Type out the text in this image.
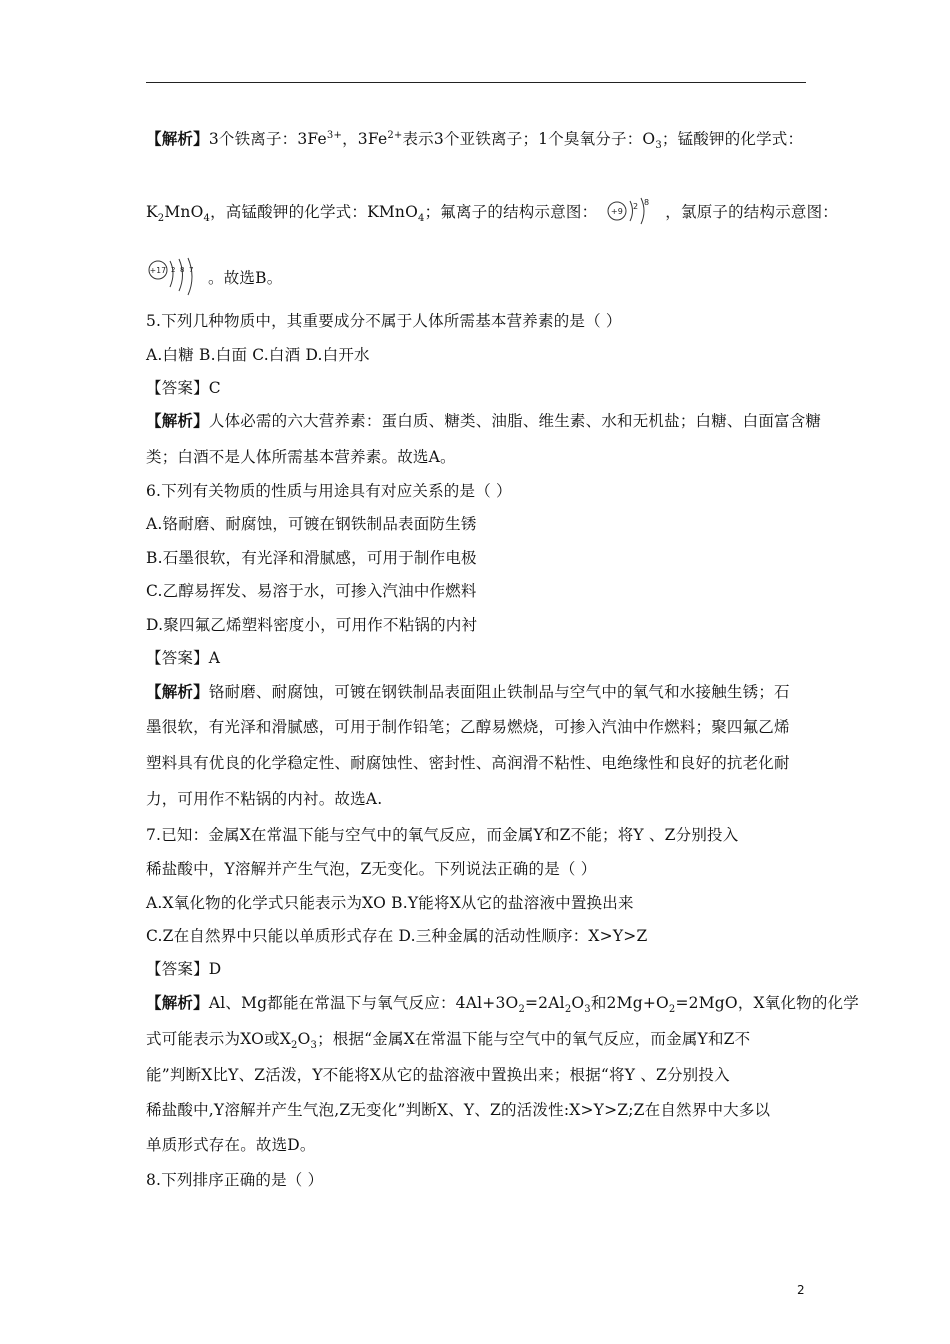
【解析】3个铁离子：$3Fe^{3+}$，$3Fe^{2+}$表示3个亚铁离子；1个臭氧分子：$O_3$；锰酸钾的化学式：
$K_2MnO_4$，高锰酸钾的化学式：KMnO$_4$；氟离子的结构示意图： +9
2 8
，氯原子的结构示意图：
+17 2 8 7 。故选B。
5.下列几种物质中，其重要成分不属于人体所需基本营养素的是（ ）
A.白糖 B.白面 C.白酒 D.白开水
【答案】C
【解析】人体必需的六大营养素：蛋白质、糖类、油脂、维生素、水和无机盐；白糖、白面富含糖
类；白酒不是人体所需基本营养素。故选A。
6.下列有关物质的性质与用途具有对应关系的是（ ）
A.铬耐磨、耐腐蚀，可镀在钢铁制品表面防生锈
B.石墨很软，有光泽和滑腻感，可用于制作电极
C.乙醇易挥发、易溶于水，可掺入汽油中作燃料
D.聚四氟乙烯塑料密度小，可用作不粘锅的内衬
【答案】A
【解析】铬耐磨、耐腐蚀，可镀在钢铁制品表面阻止铁制品与空气中的氧气和水接触生锈；石
墨很软，有光泽和滑腻感，可用于制作铅笔；乙醇易燃烧，可掺入汽油中作燃料；聚四氟乙烯
塑料具有优良的化学稳定性、耐腐蚀性、密封性、高润滑不粘性、电绝缘性和良好的抗老化耐
力，可用作不粘锅的内衬。故选A.
7.已知：金属X在常温下能与空气中的氧气反应，而金属Y和Z不能；将Y 、Z分别投入
稀盐酸中，Y溶解并产生气泡，Z无变化。下列说法正确的是（ ）
A.X氧化物的化学式只能表示为XO B.Y能将X从它的盐溶液中置换出来
C.Z在自然界中只能以单质形式存在 D.三种金属的活动性顺序：X>Y>Z
【答案】D
【解析】Al、Mg都能在常温下与氧气反应：$4Al+3O_2=2Al_2O_3$和$2Mg+O_2=2MgO$，X氧化物的化学
式可能表示为XO或$X_2O_3$；根据“金属X在常温下能与空气中的氧气反应，而金属Y和Z不
能”判断X比Y、Z活泼，Y不能将X从它的盐溶液中置换出来；根据“将Y 、Z分别投入
稀盐酸中,Y溶解并产生气泡,Z无变化”判断X、Y、Z的活泼性:X>Y>Z;Z在自然界中大多以
单质形式存在。故选D。
8.下列排序正确的是（ ）
2
